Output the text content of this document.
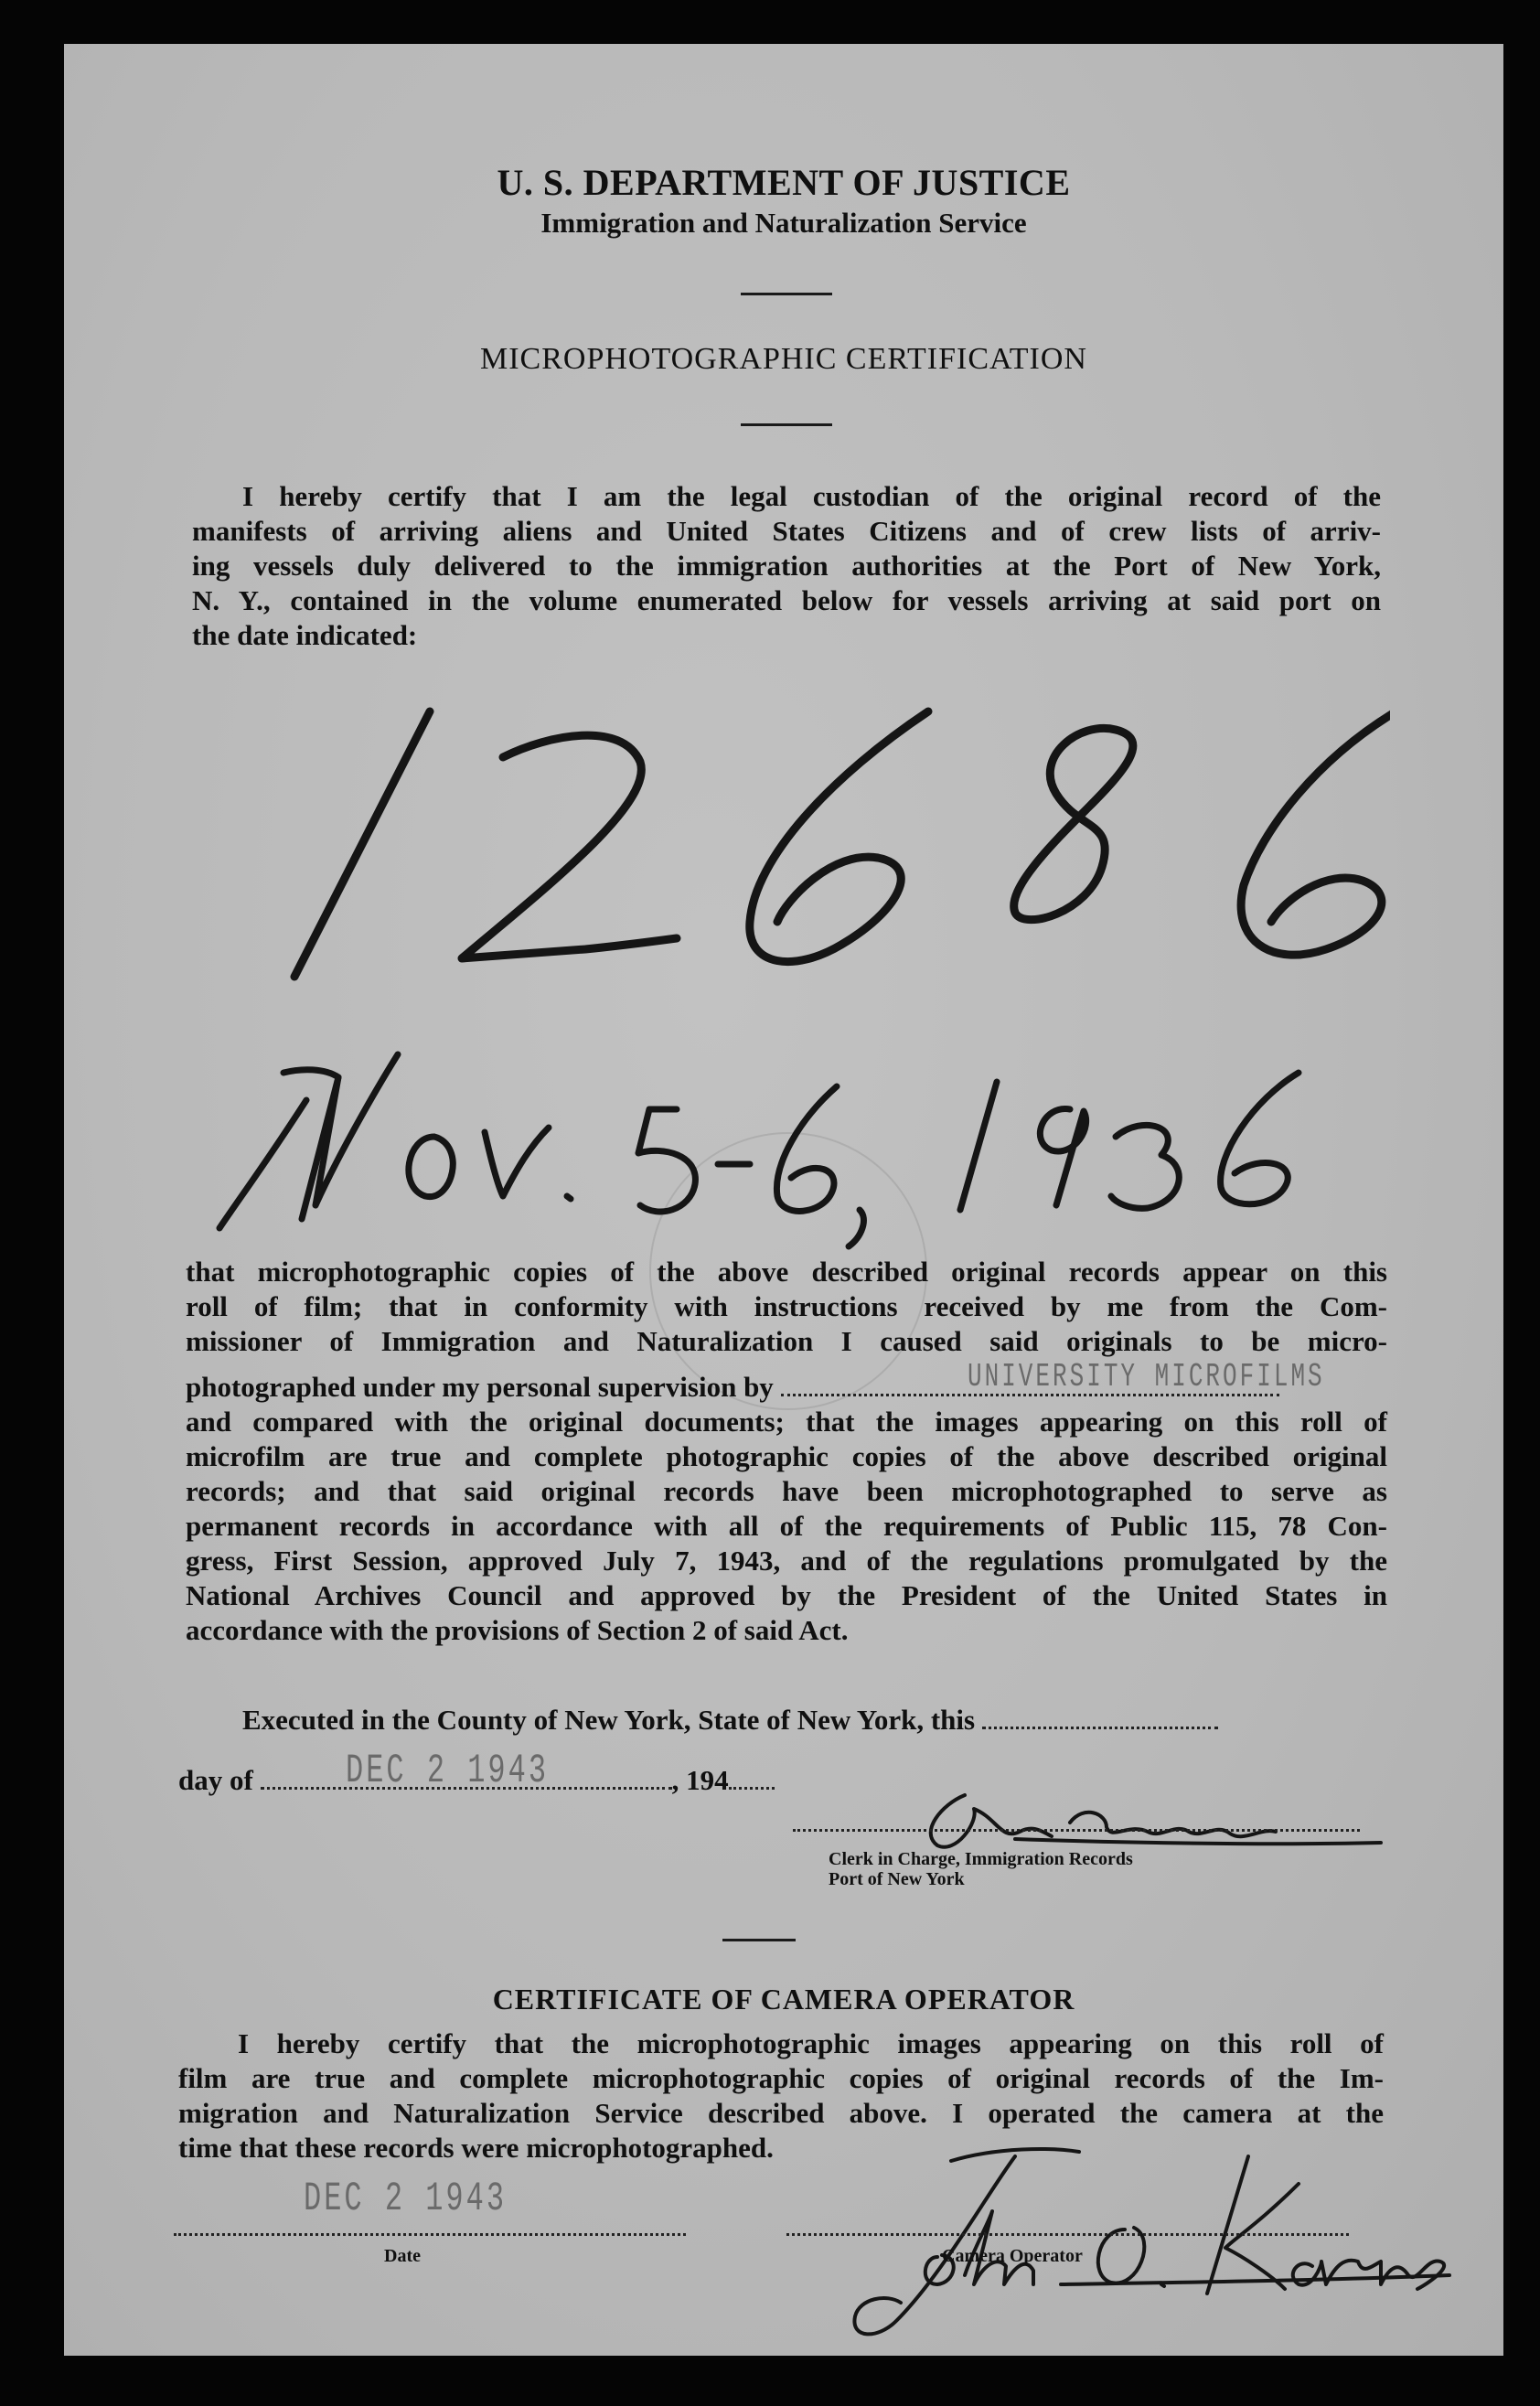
U. S. DEPARTMENT OF JUSTICE
Immigration and Naturalization Service
MICROPHOTOGRAPHIC CERTIFICATION
I hereby certify that I am the legal custodian of the original record of the
manifests of arriving aliens and United States Citizens and of crew lists of arriv-
ing vessels duly delivered to the immigration authorities at the Port of New York,
N. Y., contained in the volume enumerated below for vessels arriving at said port on
the date indicated:
that microphotographic copies of the above described original records appear on this
roll of film; that in conformity with instructions received by me from the Com-
missioner of Immigration and Naturalization I caused said originals to be micro-
photographed under my personal supervision by	UNIVERSITY MICROFILMS
and compared with the original documents; that the images appearing on this roll of
microfilm are true and complete photographic copies of the above described original
records; and that said original records have been microphotographed to serve as
permanent records in accordance with all of the requirements of Public 115, 78 Con-
gress, First Session, approved July 7, 1943, and of the regulations promulgated by the
National Archives Council and approved by the President of the United States in
accordance with the provisions of Section 2 of said Act.
Executed in the County of New York, State of New York, this
day of	, 194
DEC 2 1943
Clerk in Charge, Immigration Records
Port of New York
CERTIFICATE OF CAMERA OPERATOR
I hereby certify that the microphotographic images appearing on this roll of
film are true and complete microphotographic copies of original records of the Im-
migration and Naturalization Service described above. I operated the camera at the
time that these records were microphotographed.
DEC 2 1943
Date	Camera Operator
